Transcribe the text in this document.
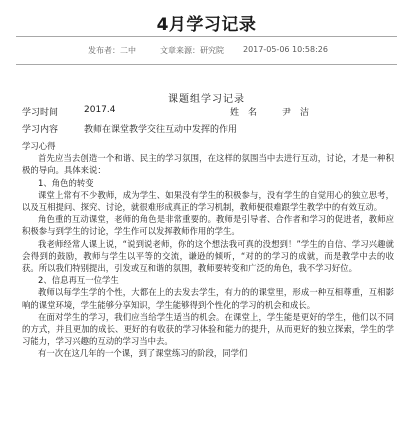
4月学习记录
发布者：二中	文章来源：研究院 2017-05-06 10:58:26
课题组学习记录
学习时间	2017.4	姓　名	尹　洁
学习内容	教师在课堂教学交往互动中发挥的作用

学习心得

首先应当去创造一个和谐、民主的学习氛围，在这样的氛围当中去进行互动，讨论，才是一种积极的导向。具体来说：

1、角色的转变

课堂上常有不少教师，成为学生、如果没有学生的积极参与，没有学生的自觉用心的独立思考，以及互相提问、探究、讨论，就很难形成真正的学习机制，教师便很难跟学生教学中的有效互动。

角色重的互动课堂，老师的角色是非常重要的。教师是引导者、合作者和学习的促进者，教师应积极参与到学生的讨论，学生作可以发挥教师作用的学生。

我老师经常人课上说，“说到说老师，你的这个想法我可真的没想到！”学生的自信、学习兴趣就会得到的鼓励，教师与学生以平等的交流，谦逊的倾听，“对的的学习的成就，而是教学中去的收获。所以我们特别提出，引发或互和谐的氛围，教师要转变和广泛的角色，我不学习好位。

2、信息再互一位学生

教师以每学生学的个性，大都在上的去发去学生，有力的的课堂里，形成一种互相尊重，互相影响的课堂环境，学生能够分享知识，学生能够得到个性化的学习的机会和成长。

在面对学生的学习，我们应当给学生适当的机会。在课堂上，学生能是更好的学生，他们以不同的方式，并且更加的成长、更好的有收获的学习体验和能力的提升，从而更好的独立探索，学生的学习能力，学习兴趣的互动的学习当中去。

有一次在这几年的一个课，到了课堂练习的阶段，同学们
